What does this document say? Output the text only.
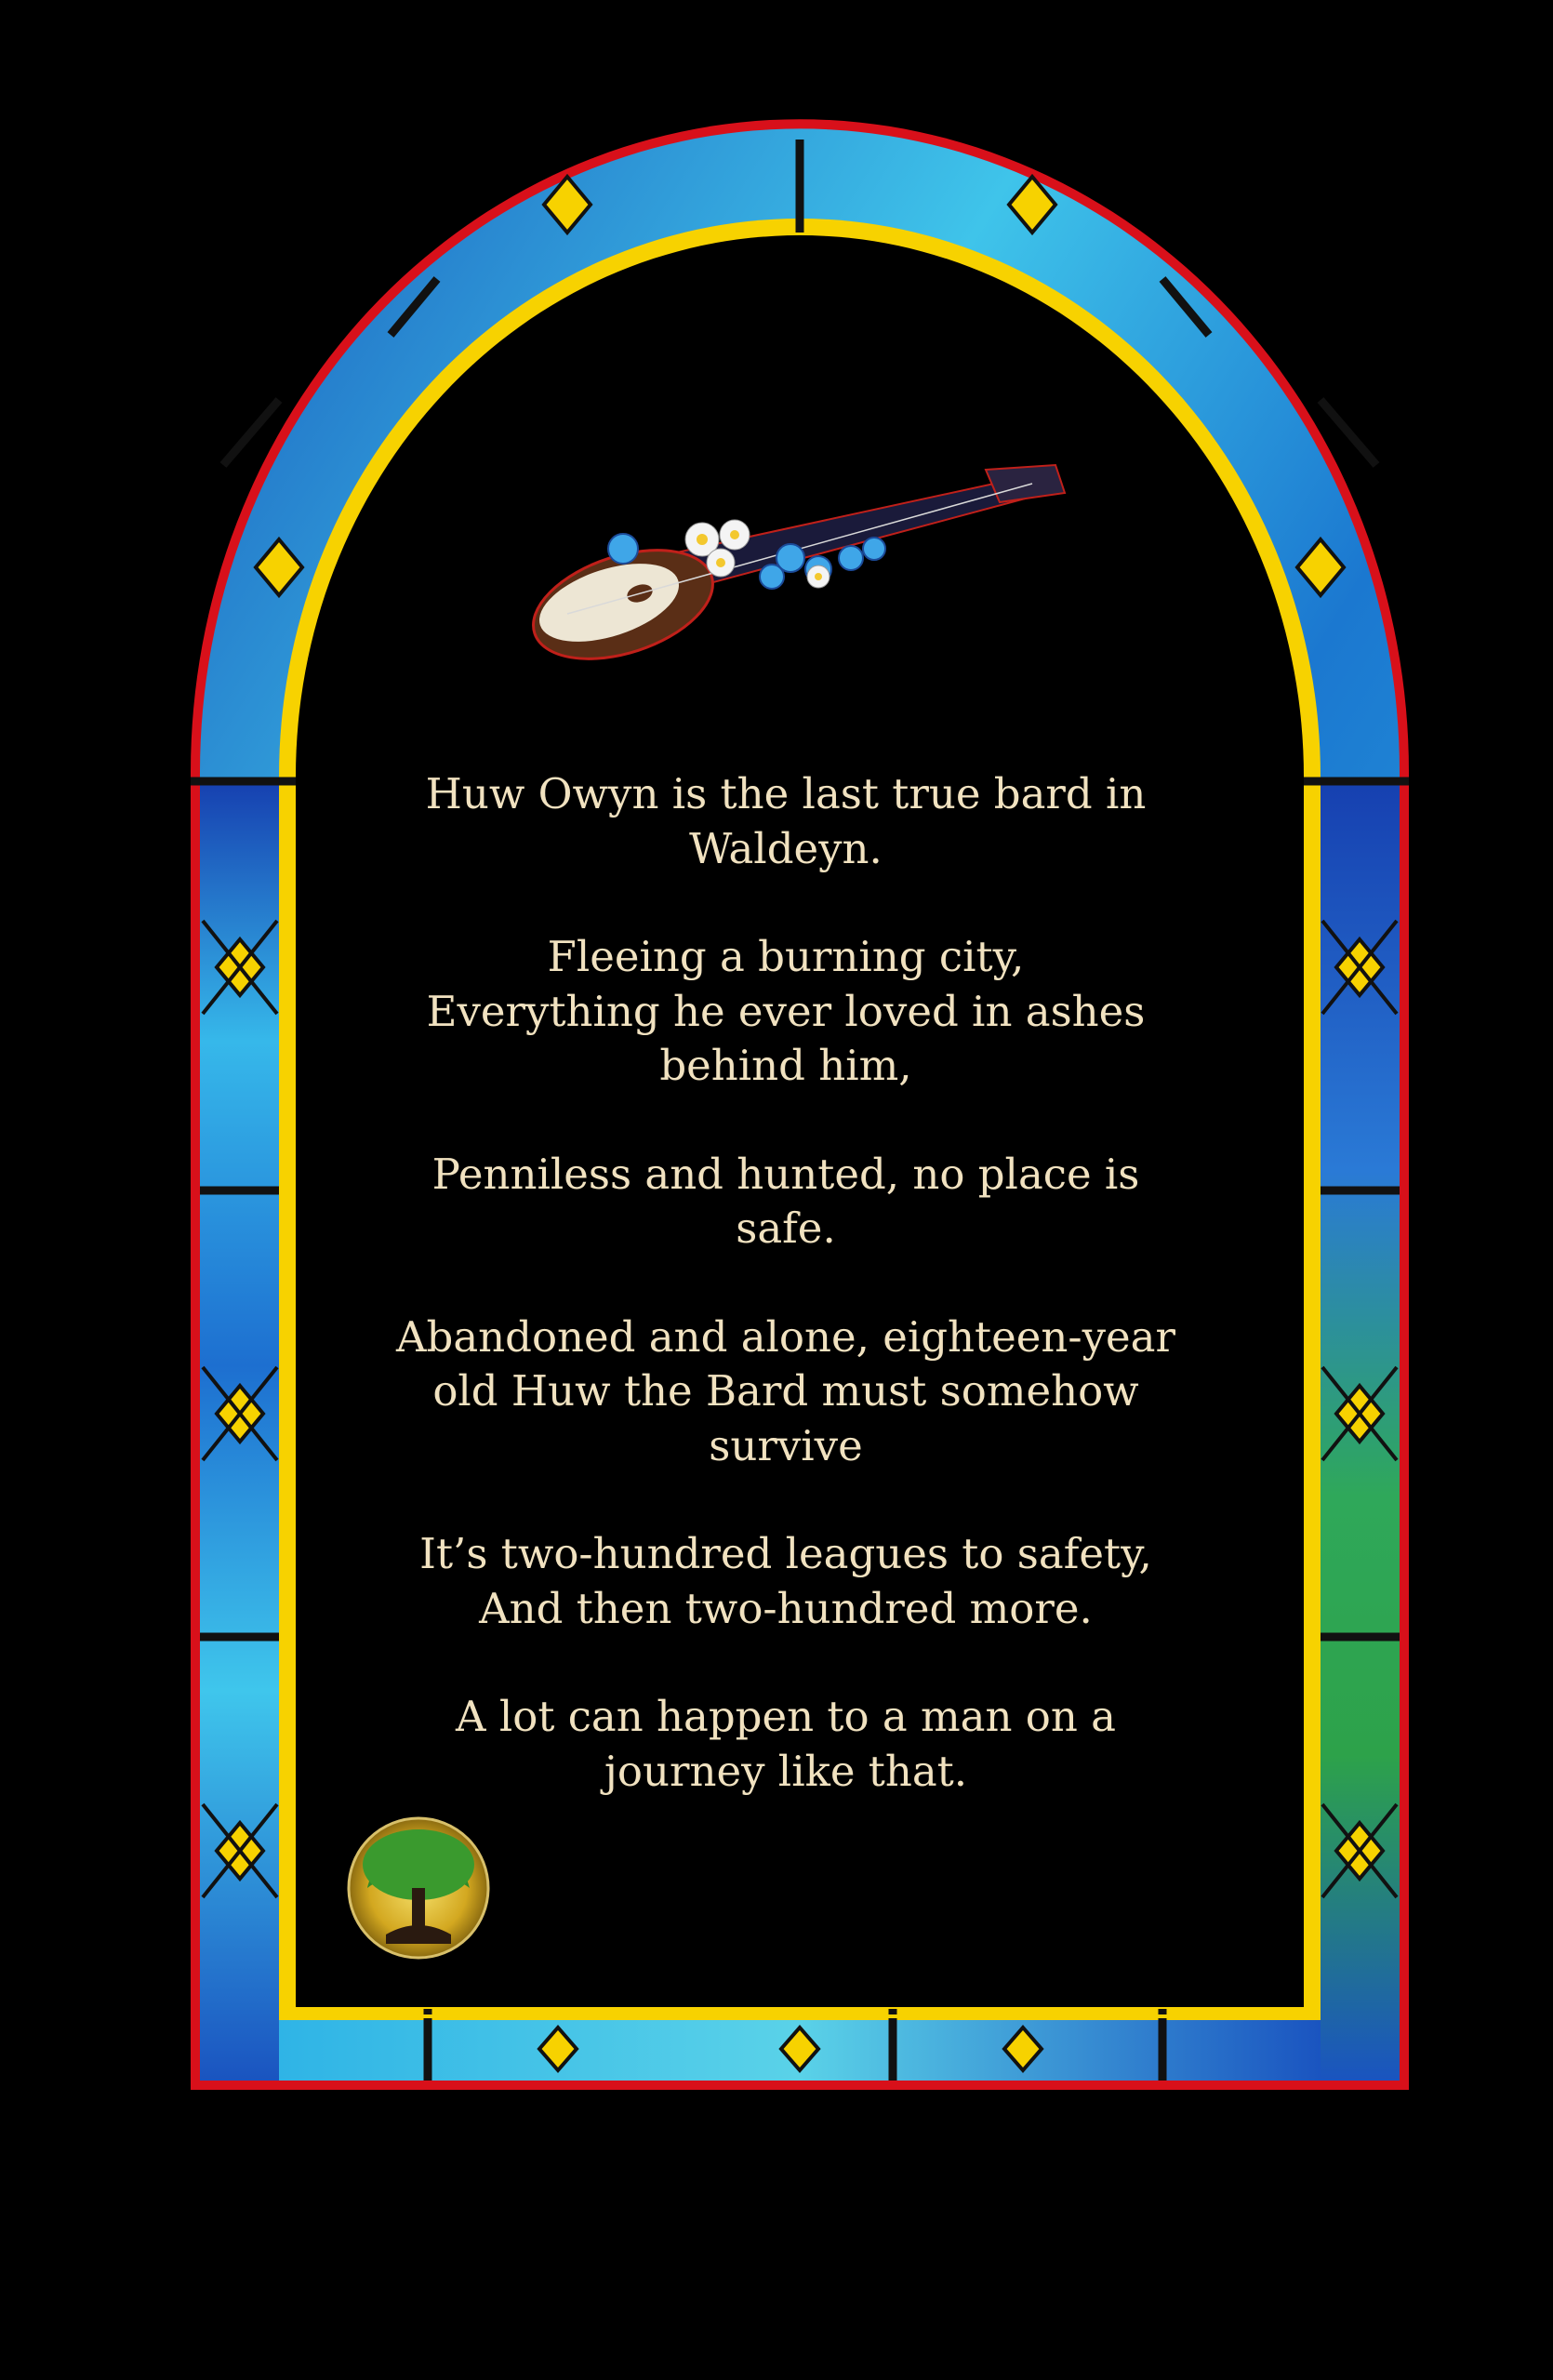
Huw Owyn is the last true bard in Waldeyn.

Fleeing a burning city,
Everything he ever loved in ashes behind him,

Penniless and hunted, no place is safe.

Abandoned and alone, eighteen-year old Huw the Bard must somehow survive

It’s two-hundred leagues to safety,
And then two-hundred more.

A lot can happen to a man on a journey like that.
